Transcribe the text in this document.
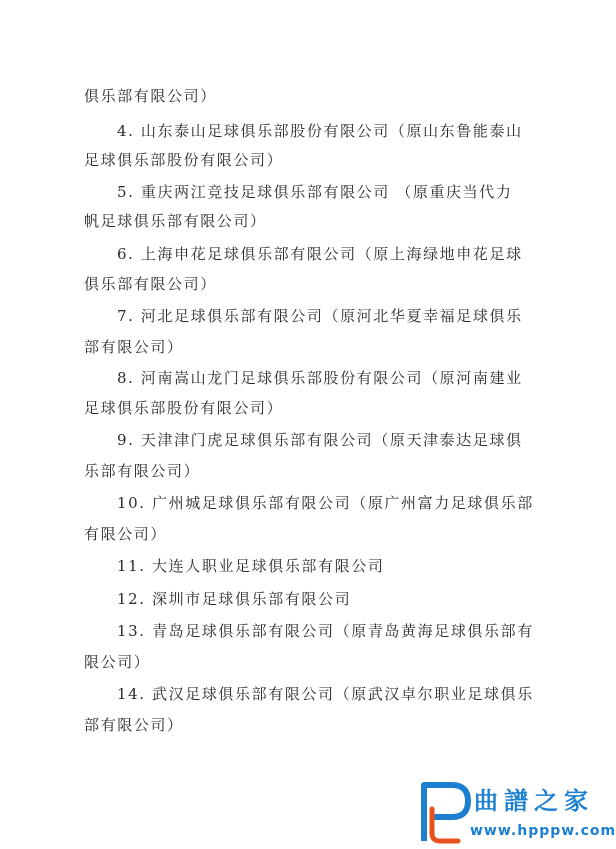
俱乐部有限公司）
4. 山东泰山足球俱乐部股份有限公司（原山东鲁能泰山
足球俱乐部股份有限公司）
5. 重庆两江竞技足球俱乐部有限公司 （原重庆当代力
帆足球俱乐部有限公司）
6. 上海申花足球俱乐部有限公司（原上海绿地申花足球
俱乐部有限公司）
7. 河北足球俱乐部有限公司（原河北华夏幸福足球俱乐
部有限公司）
8. 河南嵩山龙门足球俱乐部股份有限公司（原河南建业
足球俱乐部股份有限公司）
9. 天津津门虎足球俱乐部有限公司（原天津泰达足球俱
乐部有限公司）
10. 广州城足球俱乐部有限公司（原广州富力足球俱乐部
有限公司）
11. 大连人职业足球俱乐部有限公司
12. 深圳市足球俱乐部有限公司
13. 青岛足球俱乐部有限公司（原青岛黄海足球俱乐部有
限公司）
14. 武汉足球俱乐部有限公司（原武汉卓尔职业足球俱乐
部有限公司）
曲譜之家
www.hpppw.com
